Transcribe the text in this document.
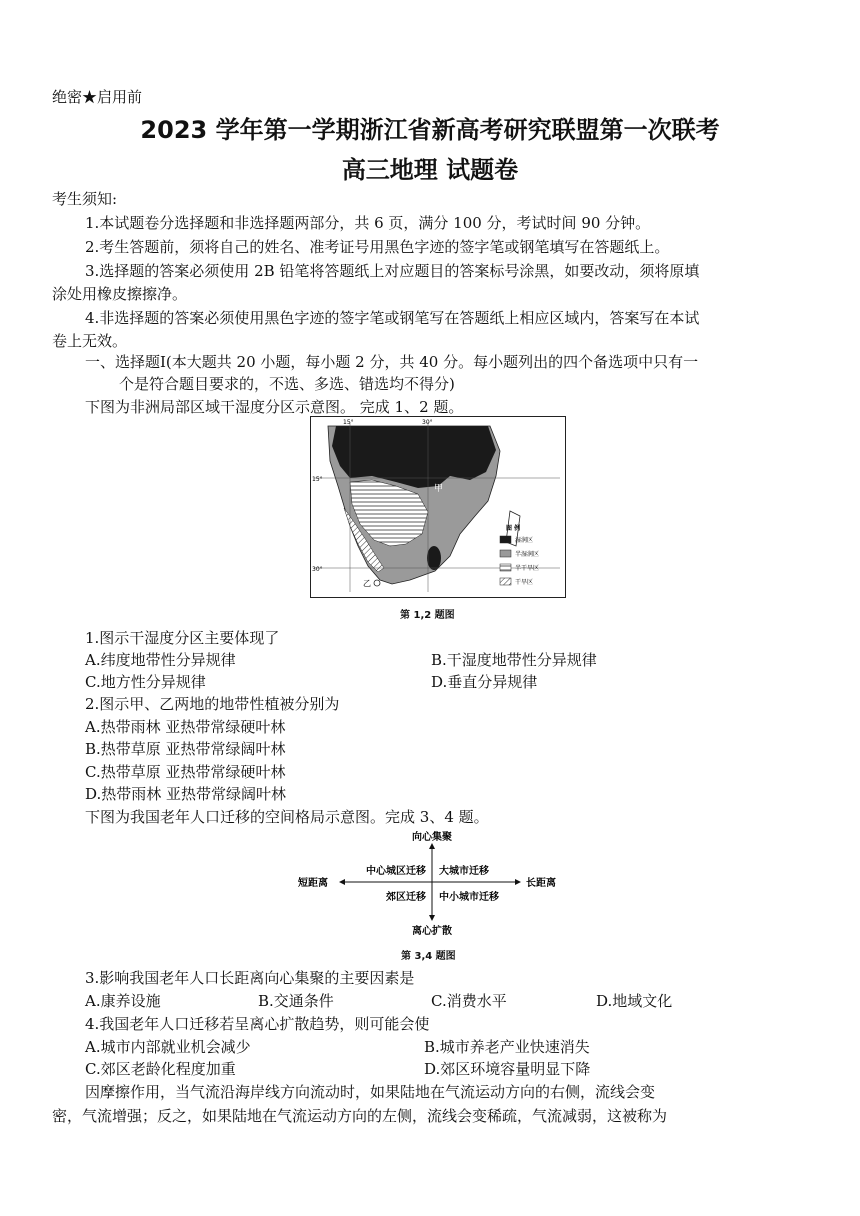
绝密★启用前
2023 学年第一学期浙江省新高考研究联盟第一次联考
高三地理 试题卷
考生须知:
1.本试题卷分选择题和非选择题两部分，共 6 页，满分 100 分，考试时间 90 分钟。
2.考生答题前，须将自己的姓名、准考证号用黑色字迹的签字笔或钢笔填写在答题纸上。
3.选择题的答案必须使用 2B 铅笔将答题纸上对应题目的答案标号涂黑，如要改动，须将原填
涂处用橡皮擦擦净。
4.非选择题的答案必须使用黑色字迹的签字笔或钢笔写在答题纸上相应区域内，答案写在本试
卷上无效。
一、选择题Ⅰ(本大题共 20 小题，每小题 2 分，共 40 分。每小题列出的四个备选项中只有一
个是符合题目要求的，不选、多选、错选均不得分)
下图为非洲局部区域干湿度分区示意图。 完成 1、2 题。
15°	30°
15°
30°
甲
乙
图 例
湿润区
半湿润区
半干旱区
干旱区
第 1,2 题图
1.图示干湿度分区主要体现了
A.纬度地带性分异规律	B.干湿度地带性分异规律
C.地方性分异规律	D.垂直分异规律
2.图示甲、乙两地的地带性植被分别为
A.热带雨林 亚热带常绿硬叶林
B.热带草原 亚热带常绿阔叶林
C.热带草原 亚热带常绿硬叶林
D.热带雨林 亚热带常绿阔叶林
下图为我国老年人口迁移的空间格局示意图。完成 3、4 题。
向心集聚
离心扩散
短距离	长距离
中心城区迁移 大城市迁移
郊区迁移 中小城市迁移
第 3,4 题图
3.影响我国老年人口长距离向心集聚的主要因素是
A.康养设施	B.交通条件	C.消费水平	D.地域文化
4.我国老年人口迁移若呈离心扩散趋势，则可能会使
A.城市内部就业机会减少	B.城市养老产业快速消失
C.郊区老龄化程度加重	D.郊区环境容量明显下降
因摩擦作用，当气流沿海岸线方向流动时，如果陆地在气流运动方向的右侧，流线会变
密，气流增强；反之，如果陆地在气流运动方向的左侧，流线会变稀疏，气流减弱，这被称为
